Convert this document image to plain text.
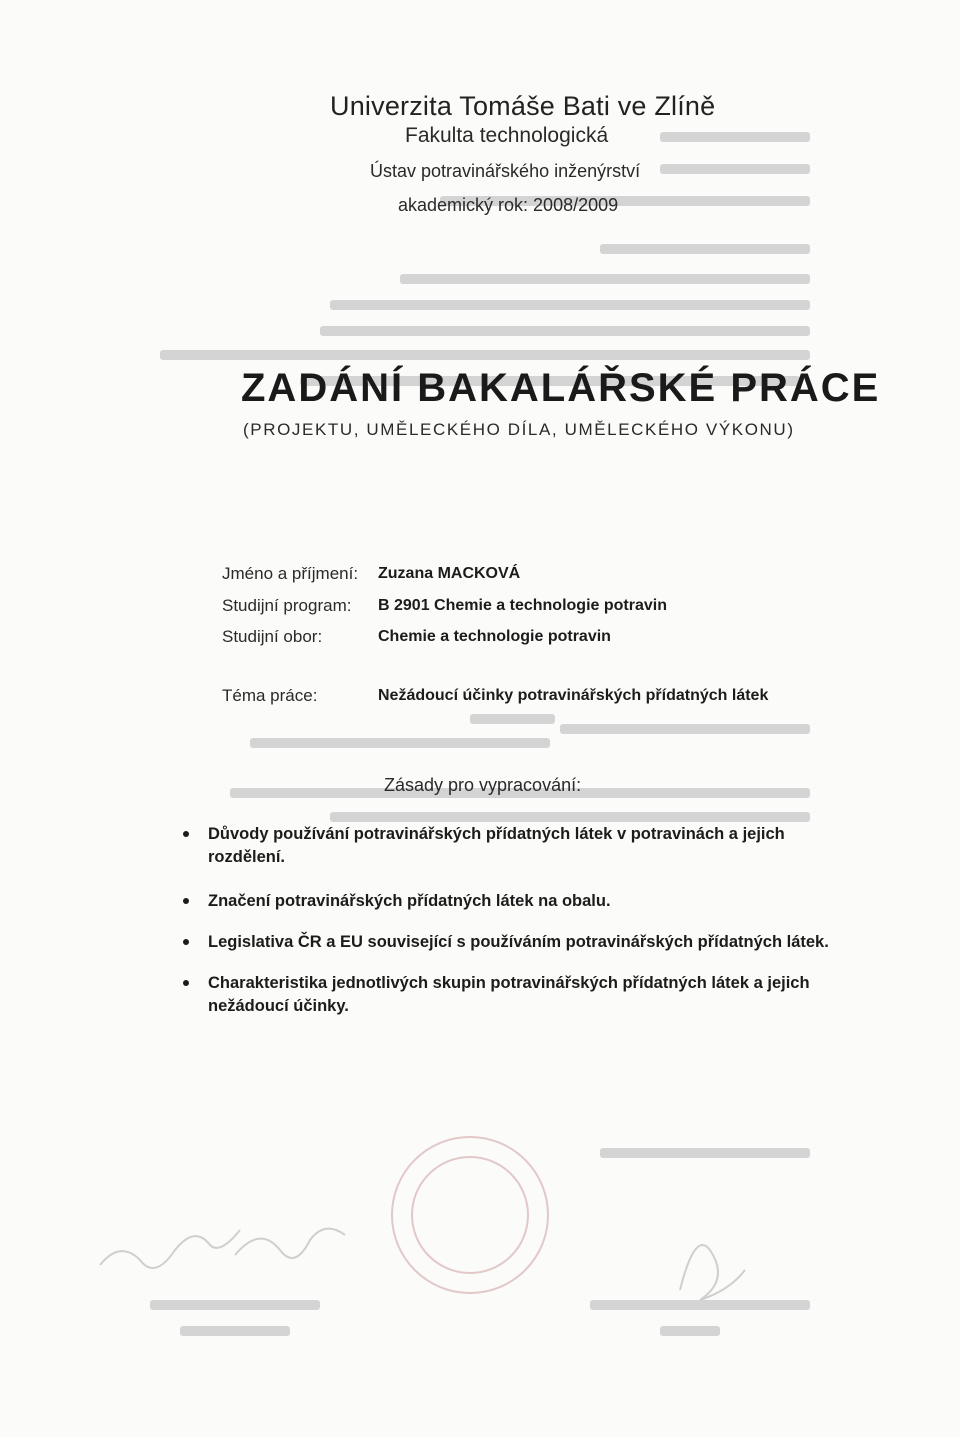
Univerzita Tomáše Bati ve Zlíně
Fakulta technologická
Ústav potravinářského inženýrství
akademický rok: 2008/2009
ZADÁNÍ BAKALÁŘSKÉ PRÁCE
(PROJEKTU, UMĚLECKÉHO DÍLA, UMĚLECKÉHO VÝKONU)
Jméno a příjmení: Zuzana MACKOVÁ
Studijní program: B 2901 Chemie a technologie potravin
Studijní obor:	Chemie a technologie potravin
Téma práce:	Nežádoucí účinky potravinářských přídatných látek
Zásady pro vypracování:
Důvody používání potravinářských přídatných látek v potravinách a jejich rozdělení.
Značení potravinářských přídatných látek na obalu.
Legislativa ČR a EU související s používáním potravinářských přídatných látek.
Charakteristika jednotlivých skupin potravinářských přídatných látek a jejich nežádoucí účinky.
